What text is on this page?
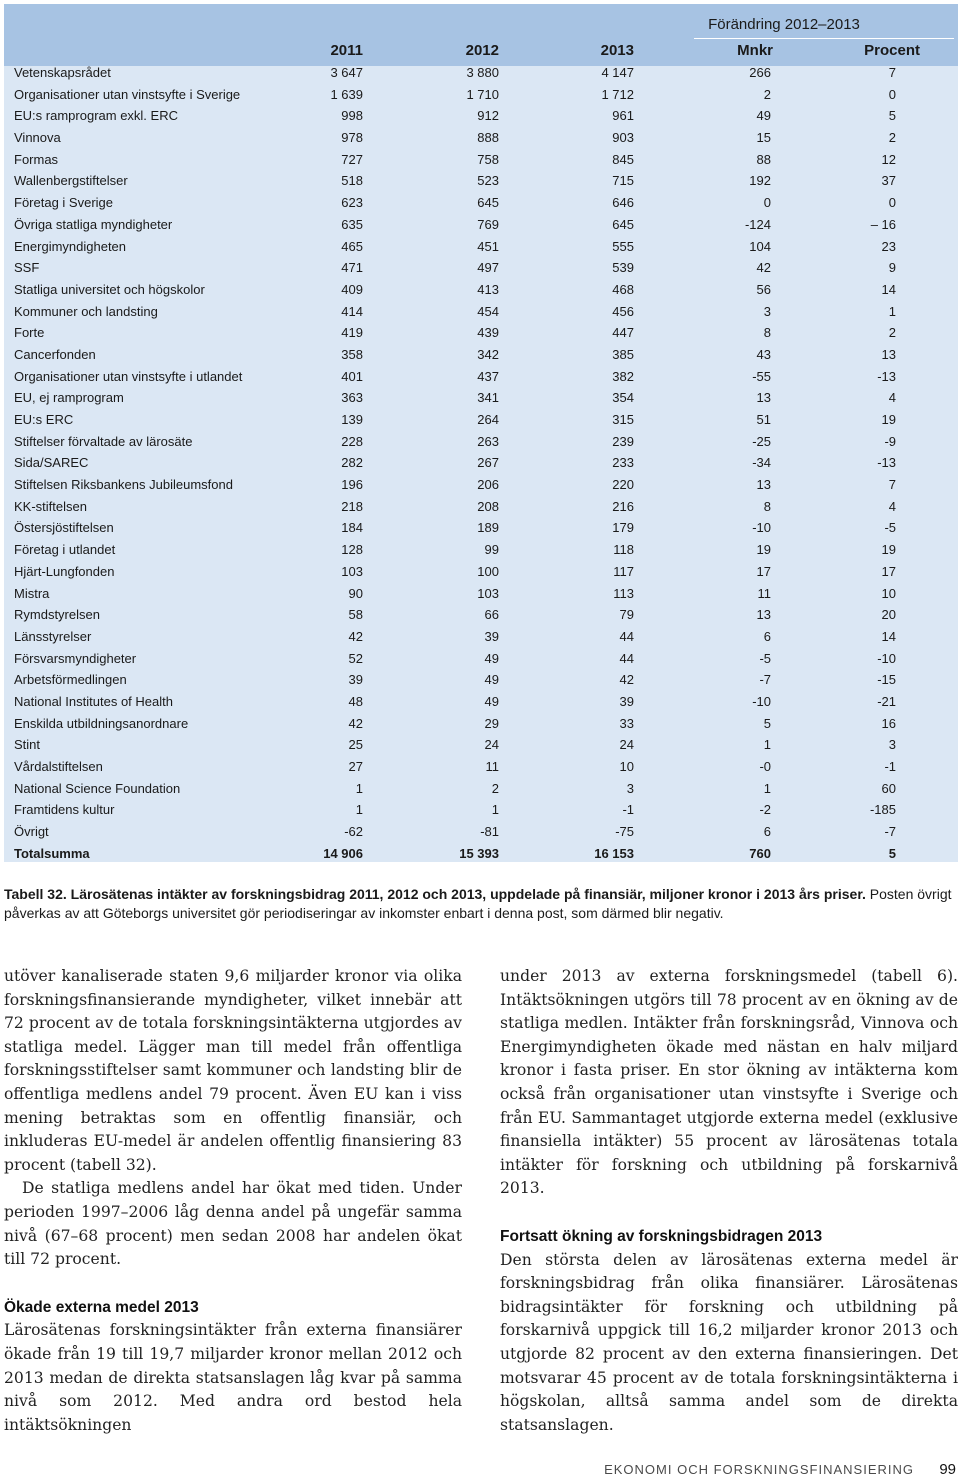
Förändring 2012–2013
2011	2012	2013	Mnkr	Procent
Vetenskapsrådet	3 647	3 880	4 147	266	7
Organisationer utan vinstsyfte i Sverige	1 639	1 710	1 712	2	0
EU:s ramprogram exkl. ERC	998	912	961	49	5
Vinnova	978	888	903	15	2
Formas	727	758	845	88	12
Wallenbergstiftelser	518	523	715	192	37
Företag i Sverige	623	645	646	0	0
Övriga statliga myndigheter	635	769	645	-124	– 16
Energimyndigheten	465	451	555	104	23
SSF	471	497	539	42	9
Statliga universitet och högskolor	409	413	468	56	14
Kommuner och landsting	414	454	456	3	1
Forte	419	439	447	8	2
Cancerfonden	358	342	385	43	13
Organisationer utan vinstsyfte i utlandet	401	437	382	-55	-13
EU, ej ramprogram	363	341	354	13	4
EU:s ERC	139	264	315	51	19
Stiftelser förvaltade av lärosäte	228	263	239	-25	-9
Sida/SAREC	282	267	233	-34	-13
Stiftelsen Riksbankens Jubileumsfond	196	206	220	13	7
KK-stiftelsen	218	208	216	8	4
Östersjöstiftelsen	184	189	179	-10	-5
Företag i utlandet	128	99	118	19	19
Hjärt-Lungfonden	103	100	117	17	17
Mistra	90	103	113	11	10
Rymdstyrelsen	58	66	79	13	20
Länsstyrelser	42	39	44	6	14
Försvarsmyndigheter	52	49	44	-5	-10
Arbetsförmedlingen	39	49	42	-7	-15
National Institutes of Health	48	49	39	-10	-21
Enskilda utbildningsanordnare	42	29	33	5	16
Stint	25	24	24	1	3
Vårdalstiftelsen	27	11	10	-0	-1
National Science Foundation	1	2	3	1	60
Framtidens kultur	1	1	-1	-2	-185
Övrigt	-62	-81	-75	6	-7
Totalsumma	14 906	15 393	16 153	760	5
Tabell 32. Lärosätenas intäkter av forskningsbidrag 2011, 2012 och 2013, uppdelade på finansiär, miljoner kronor i 2013 års priser. Posten övrigt påverkas av att Göteborgs universitet gör periodiseringar av inkomster enbart i denna post, som därmed blir negativ.

utöver kanaliserade staten 9,6 miljarder kronor via olika forskningsfinansierande myndigheter, vilket innebär att 72 procent av de totala forskningsintäkterna utgjordes av statliga medel. Lägger man till medel från offentliga forskningsstiftelser samt kommuner och landsting blir de offentliga medlens andel 79 procent. Även EU kan i viss mening betraktas som en offentlig finansiär, och inkluderas EU-medel är andelen offentlig finansiering 83 procent (tabell 32).

De statliga medlens andel har ökat med tiden. Under perioden 1997–2006 låg denna andel på ungefär samma nivå (67–68 procent) men sedan 2008 har andelen ökat till 72 procent.

Ökade externa medel 2013

Lärosätenas forskningsintäkter från externa finansiärer ökade från 19 till 19,7 miljarder kronor mellan 2012 och 2013 medan de direkta statsanslagen låg kvar på samma nivå som 2012. Med andra ord bestod hela intäktsökningen

under 2013 av externa forskningsmedel (tabell 6). Intäktsökningen utgörs till 78 procent av en ökning av de statliga medlen. Intäkter från forskningsråd, Vinnova och Energimyndigheten ökade med nästan en halv miljard kronor i fasta priser. En stor ökning av intäkterna kom också från organisationer utan vinstsyfte i Sverige och från EU. Sammantaget utgjorde externa medel (exklusive finansiella intäkter) 55 procent av lärosätenas totala intäkter för forskning och utbildning på forskarnivå 2013.

Fortsatt ökning av forskningsbidragen 2013

Den största delen av lärosätenas externa medel är forskningsbidrag från olika finansiärer. Lärosätenas bidragsintäkter för forskning och utbildning på forskarnivå uppgick till 16,2 miljarder kronor 2013 och utgjorde 82 procent av den externa finansieringen. Det motsvarar 45 procent av de totala forskningsintäkterna i högskolan, alltså samma andel som de direkta statsanslagen.

EKONOMI OCH FORSKNINGSFINANSIERING 99
